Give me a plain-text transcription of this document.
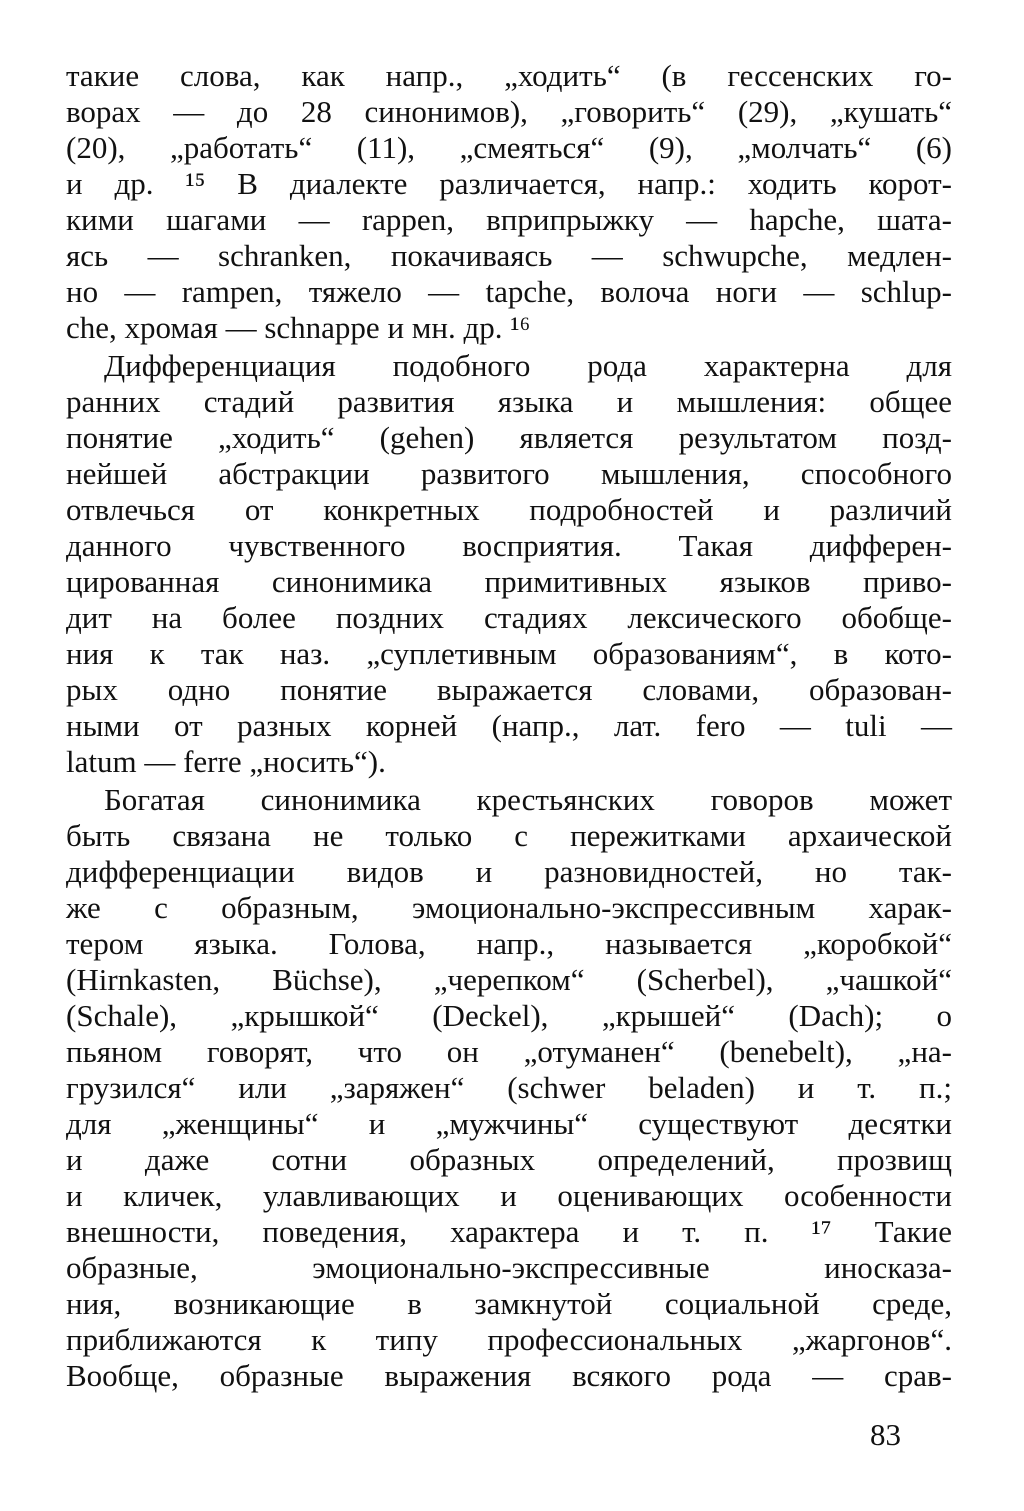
такие слова, как напр., „ходить“ (в гессенских го-
ворах — до 28 синонимов), „говорить“ (29), „кушать“
(20), „работать“ (11), „смеяться“ (9), „молчать“ (6)
и др. ¹⁵ В диалекте различается, напр.: ходить корот-
кими шагами — rappen, вприпрыжку — hapche, шата-
ясь — schranken, покачиваясь — schwupche, медлен-
но — rampen, тяжело — tapche, волоча ноги — schlup-
che, хромая — schnappe и мн. др. ¹⁶
Дифференциация подобного рода характерна для
ранних стадий развития языка и мышления: общее
понятие „ходить“ (gehen) является результатом позд-
нейшей абстракции развитого мышления, способного
отвлечься от конкретных подробностей и различий
данного чувственного восприятия. Такая дифферен-
цированная синонимика примитивных языков приво-
дит на более поздних стадиях лексического обобще-
ния к так наз. „суплетивным образованиям“, в кото-
рых одно понятие выражается словами, образован-
ными от разных корней (напр., лат. fero — tuli —
latum — ferre „носить“).
Богатая синонимика крестьянских говоров может
быть связана не только с пережитками архаической
дифференциации видов и разновидностей, но так-
же с образным, эмоционально-экспрессивным харак-
тером языка. Голова, напр., называется „коробкой“
(Hirnkasten, Büchse), „черепком“ (Scherbel), „чашкой“
(Schale), „крышкой“ (Deckel), „крышей“ (Dach); о
пьяном говорят, что он „отуманен“ (benebelt), „на-
грузился“ или „заряжен“ (schwer beladen) и т. п.;
для „женщины“ и „мужчины“ существуют десятки
и даже сотни образных определений, прозвищ
и кличек, улавливающих и оценивающих особенности
внешности, поведения, характера и т. п. ¹⁷ Такие
образные, эмоционально-экспрессивные иносказа-
ния, возникающие в замкнутой социальной среде,
приближаются к типу профессиональных „жаргонов“.
Вообще, образные выражения всякого рода — срав-
83
